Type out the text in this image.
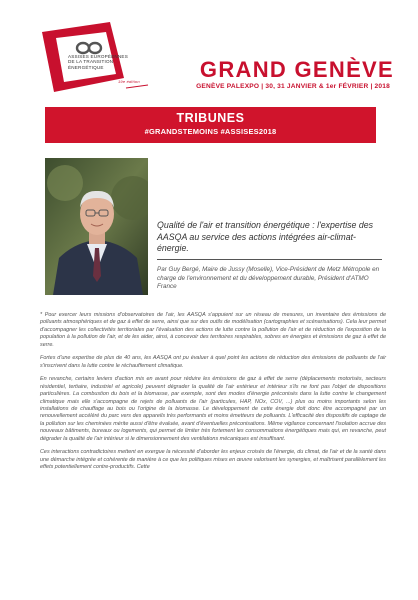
ASSISES EUROPÉENNES
DE LA TRANSITION
ÉNERGÉTIQUE
19e édition	GRAND GENÈVE
GENÈVE PALEXPO | 30, 31 JANVIER & 1er FÉVRIER | 2018
TRIBUNES
#GRANDSTEMOINS #ASSISES2018
Qualité de l'air et transition énergétique : l'expertise des AASQA au service des actions intégrées air-climat-énergie.
Par Guy Bergé, Maire de Jussy (Moselle), Vice-Président de Metz Métropole en charge de l'environnement et du développement durable, Président d'ATMO France

* Pour exercer leurs missions d'observatoires de l'air, les AASQA s'appuient sur un réseau de mesures, un inventaire des émissions de polluants atmosphériques et de gaz à effet de serre, ainsi que sur des outils de modélisation (cartographies et scénarisations). Cela leur permet d'accompagner les collectivités territoriales par l'évaluation des actions de lutte contre la pollution de l'air et de réduction de l'exposition de la population à la pollution de l'air, et de les aider, ainsi, à concevoir des territoires respirables, sobres en énergies et émissions de gaz à effet de serre.

Fortes d'une expertise de plus de 40 ans, les AASQA ont pu évaluer à quel point les actions de réduction des émissions de polluants de l'air s'inscrivent dans la lutte contre le réchauffement climatique.

En revanche, certains leviers d'action mis en avant pour réduire les émissions de gaz à effet de serre (déplacements motorisés, secteurs résidentiel, tertiaire, industriel et agricole) peuvent dégrader la qualité de l'air extérieur et intérieur s'ils ne font pas l'objet de dispositions particulières. La combustion du bois et la biomasse, par exemple, sont des modes d'énergie préconisés dans la lutte contre le changement climatique mais elle s'accompagne de rejets de polluants de l'air (particules, HAP, NOx, COV, ...) plus ou moins importants selon les installations de chauffage au bois ou l'origine de la biomasse. Le développement de cette énergie doit donc être accompagné par un renouvellement accéléré du parc vers des appareils très performants et moins émetteurs de polluants. L'efficacité des dispositifs de captage de la pollution sur les cheminées mérite aussi d'être évaluée, avant d'éventuelles préconisations. Même vigilance concernant l'isolation accrue des nouveaux bâtiments, bureaux ou logements, qui permet de limiter très fortement les consommations énergétiques mais qui, en revanche, peut dégrader la qualité de l'air intérieur si le dimensionnement des ventilations mécaniques est insuffisant.

Ces interactions contradictoires mettent en exergue la nécessité d'aborder les enjeux croisés de l'énergie, du climat, de l'air et de la santé dans une démarche intégrée et cohérente de manière à ce que les politiques mises en œuvre valorisent les synergies, et maîtrisent parallèlement les effets potentiellement contre-productifs. Cette
